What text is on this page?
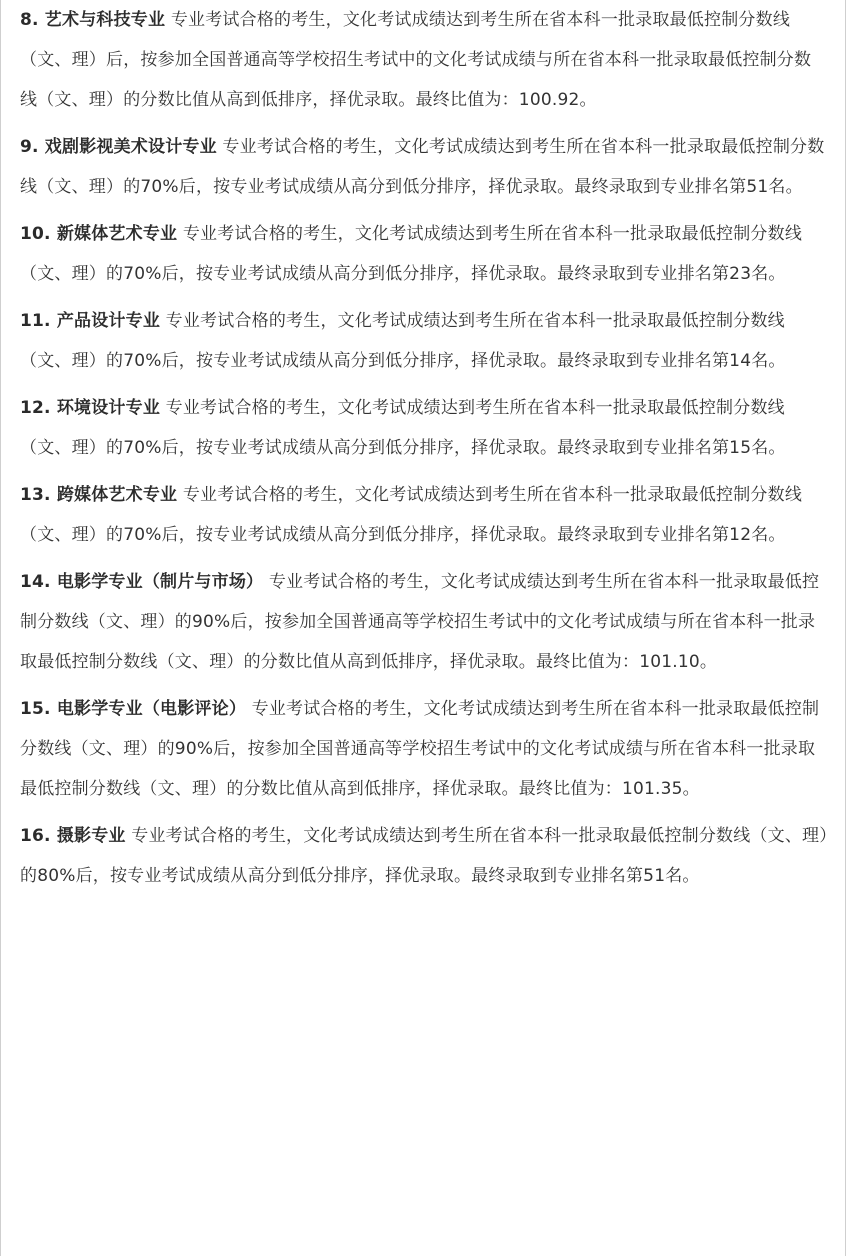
8. 艺术与科技专业 专业考试合格的考生，文化考试成绩达到考生所在省本科一批录取最低控制分数线（文、理）后，按参加全国普通高等学校招生考试中的文化考试成绩与所在省本科一批录取最低控制分数线（文、理）的分数比值从高到低排序，择优录取。最终比值为：100.92。

9. 戏剧影视美术设计专业 专业考试合格的考生，文化考试成绩达到考生所在省本科一批录取最低控制分数线（文、理）的70%后，按专业考试成绩从高分到低分排序，择优录取。最终录取到专业排名第51名。

10. 新媒体艺术专业 专业考试合格的考生，文化考试成绩达到考生所在省本科一批录取最低控制分数线（文、理）的70%后，按专业考试成绩从高分到低分排序，择优录取。最终录取到专业排名第23名。

11. 产品设计专业 专业考试合格的考生，文化考试成绩达到考生所在省本科一批录取最低控制分数线（文、理）的70%后，按专业考试成绩从高分到低分排序，择优录取。最终录取到专业排名第14名。

12. 环境设计专业 专业考试合格的考生，文化考试成绩达到考生所在省本科一批录取最低控制分数线（文、理）的70%后，按专业考试成绩从高分到低分排序，择优录取。最终录取到专业排名第15名。

13. 跨媒体艺术专业 专业考试合格的考生，文化考试成绩达到考生所在省本科一批录取最低控制分数线（文、理）的70%后，按专业考试成绩从高分到低分排序，择优录取。最终录取到专业排名第12名。

14. 电影学专业（制片与市场） 专业考试合格的考生，文化考试成绩达到考生所在省本科一批录取最低控制分数线（文、理）的90%后，按参加全国普通高等学校招生考试中的文化考试成绩与所在省本科一批录取最低控制分数线（文、理）的分数比值从高到低排序，择优录取。最终比值为：101.10。

15. 电影学专业（电影评论） 专业考试合格的考生，文化考试成绩达到考生所在省本科一批录取最低控制分数线（文、理）的90%后，按参加全国普通高等学校招生考试中的文化考试成绩与所在省本科一批录取最低控制分数线（文、理）的分数比值从高到低排序，择优录取。最终比值为：101.35。

16. 摄影专业 专业考试合格的考生，文化考试成绩达到考生所在省本科一批录取最低控制分数线（文、理）的80%后，按专业考试成绩从高分到低分排序，择优录取。最终录取到专业排名第51名。
